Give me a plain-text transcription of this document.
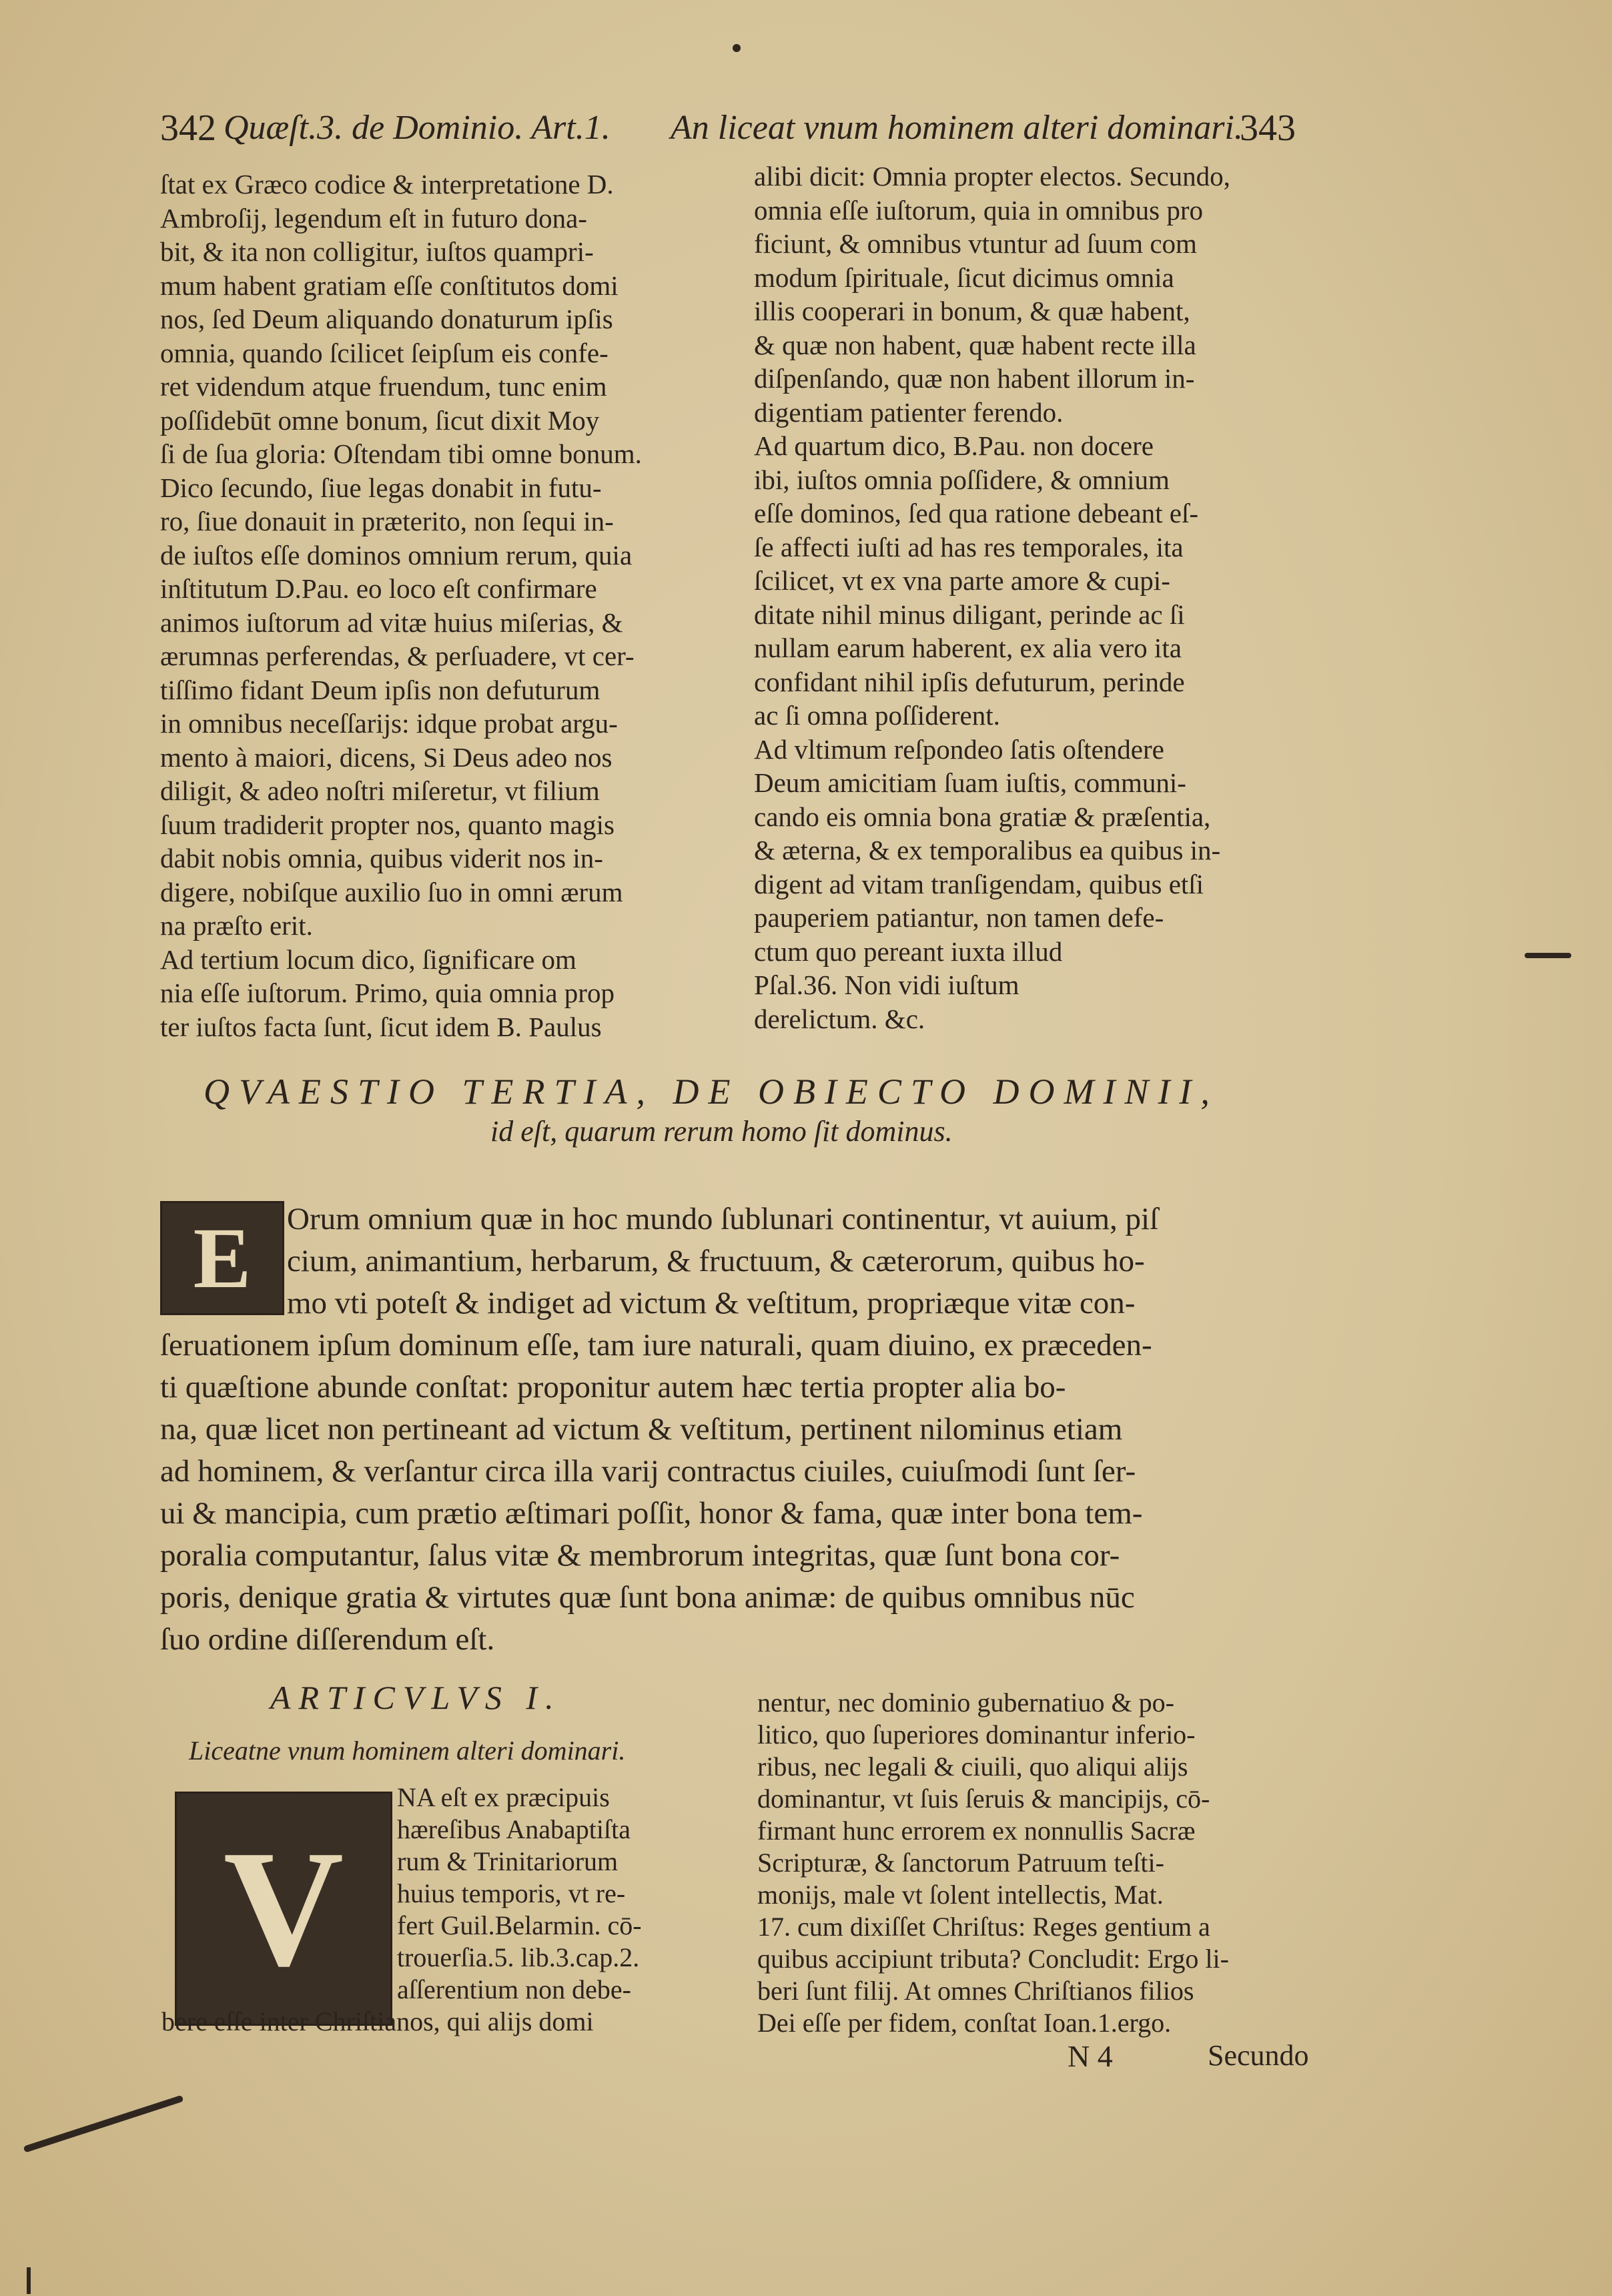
342 Quæſt.3. de Dominio. Art.1. An liceat vnum hominem alteri dominari.
343
ſtat ex Græco codice & interpretatione D.
Ambroſij, legendum eſt in futuro dona-
bit, & ita non colligitur, iuſtos quampri-
mum habent gratiam eſſe conſtitutos domi
nos, ſed Deum aliquando donaturum ipſis
omnia, quando ſcilicet ſeipſum eis confe-
ret videndum atque fruendum, tunc enim
poſſidebūt omne bonum, ſicut dixit Moy
ſi de ſua gloria: Oſtendam tibi omne bonum.
Dico ſecundo, ſiue legas donabit in futu-
ro, ſiue donauit in præterito, non ſequi in-
de iuſtos eſſe dominos omnium rerum, quia
inſtitutum D.Pau. eo loco eſt confirmare
animos iuſtorum ad vitæ huius miſerias, &
ærumnas perferendas, & perſuadere, vt cer-
tiſſimo fidant Deum ipſis non defuturum
in omnibus neceſſarijs: idque probat argu-
mento à maiori, dicens, Si Deus adeo nos
diligit, & adeo noſtri miſeretur, vt filium
ſuum tradiderit propter nos, quanto magis
dabit nobis omnia, quibus viderit nos in-
digere, nobiſque auxilio ſuo in omni ærum
na præſto erit.
Ad tertium locum dico, ſignificare om
nia eſſe iuſtorum. Primo, quia omnia prop
ter iuſtos facta ſunt, ſicut idem B. Paulus
alibi dicit: Omnia propter electos. Secundo,
omnia eſſe iuſtorum, quia in omnibus pro
ficiunt, & omnibus vtuntur ad ſuum com
modum ſpirituale, ſicut dicimus omnia
illis cooperari in bonum, & quæ habent,
& quæ non habent, quæ habent recte illa
diſpenſando, quæ non habent illorum in-
digentiam patienter ferendo.
Ad quartum dico, B.Pau. non docere
ibi, iuſtos omnia poſſidere, & omnium
eſſe dominos, ſed qua ratione debeant eſ-
ſe affecti iuſti ad has res temporales, ita
ſcilicet, vt ex vna parte amore & cupi-
ditate nihil minus diligant, perinde ac ſi
nullam earum haberent, ex alia vero ita
confidant nihil ipſis defuturum, perinde
ac ſi omna poſſiderent.
Ad vltimum reſpondeo ſatis oſtendere
Deum amicitiam ſuam iuſtis, communi-
cando eis omnia bona gratiæ & præſentia,
& æterna, & ex temporalibus ea quibus in-
digent ad vitam tranſigendam, quibus etſi
pauperiem patiantur, non tamen defe-
ctum quo pereant iuxta illud
Pſal.36. Non vidi iuſtum
derelictum. &c.
QVAESTIO TERTIA, DE OBIECTO DOMINII,
id eſt, quarum rerum homo ſit dominus.
E	Orum omnium quæ in hoc mundo ſublunari continentur, vt auium, piſ
cium, animantium, herbarum, & fructuum, & cæterorum, quibus ho-
mo vti poteſt & indiget ad victum & veſtitum, propriæque vitæ con-
ſeruationem ipſum dominum eſſe, tam iure naturali, quam diuino, ex præceden-
ti quæſtione abunde conſtat: proponitur autem hæc tertia propter alia bo-
na, quæ licet non pertineant ad victum & veſtitum, pertinent nilominus etiam
ad hominem, & verſantur circa illa varij contractus ciuiles, cuiuſmodi ſunt ſer-
ui & mancipia, cum prætio æſtimari poſſit, honor & fama, quæ inter bona tem-
poralia computantur, ſalus vitæ & membrorum integritas, quæ ſunt bona cor-
poris, denique gratia & virtutes quæ ſunt bona animæ: de quibus omnibus nūc
ſuo ordine diſſerendum eſt.
ARTICVLVS I.
Liceatne vnum hominem alteri dominari.
V
NA eſt ex præcipuis
hæreſibus Anabaptiſta
rum & Trinitariorum
huius temporis, vt re-
fert Guil.Belarmin. cō-
trouerſia.5. lib.3.cap.2.
aſſerentium non debe-
bere eſſe inter Chriſtianos, qui alijs domi
nentur, nec dominio gubernatiuo & po-
litico, quo ſuperiores dominantur inferio-
ribus, nec legali & ciuili, quo aliqui alijs
dominantur, vt ſuis ſeruis & mancipijs, cō-
firmant hunc errorem ex nonnullis Sacræ
Scripturæ, & ſanctorum Patruum teſti-
monijs, male vt ſolent intellectis, Mat.
17. cum dixiſſet Chriſtus: Reges gentium a
quibus accipiunt tributa? Concludit: Ergo li-
beri ſunt filij. At omnes Chriſtianos filios
Dei eſſe per fidem, conſtat Ioan.1.ergo.
N 4	Secundo
